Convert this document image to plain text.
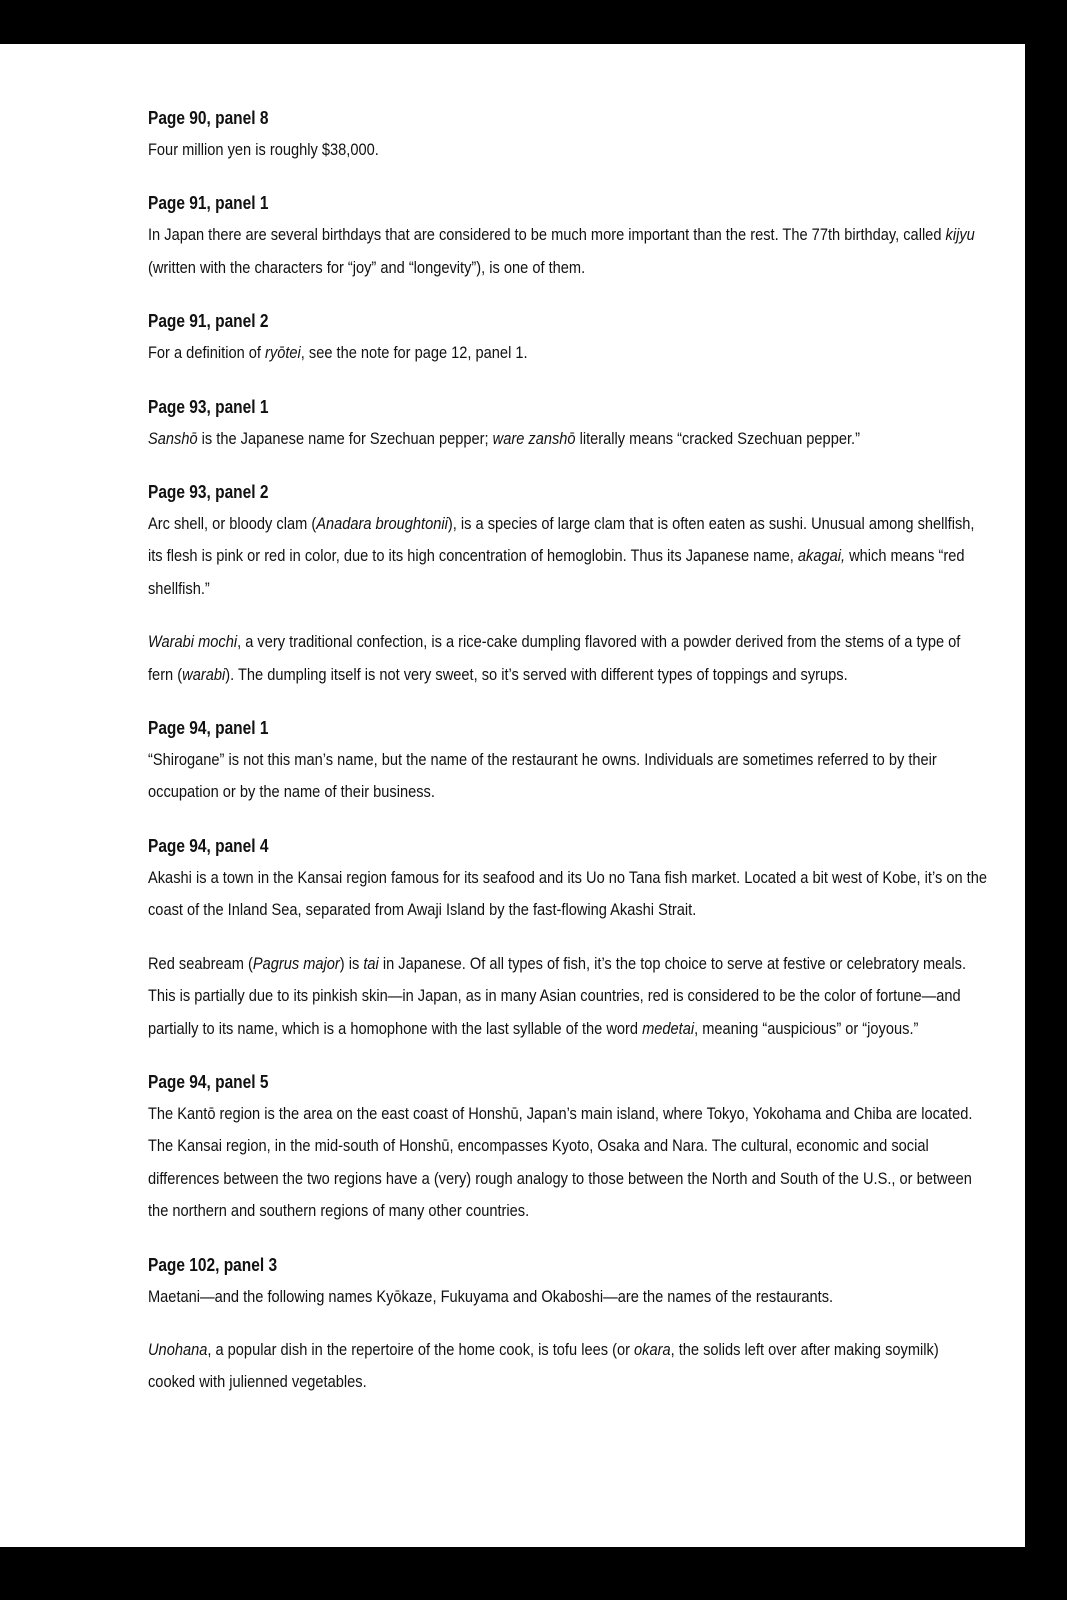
Page 90, panel 8

Four million yen is roughly $38,000.

Page 91, panel 1

In Japan there are several birthdays that are considered to be much more important than the rest. The 77th birthday, called kijyu (written with the characters for “joy” and “longevity”), is one of them.

Page 91, panel 2

For a definition of ryōtei, see the note for page 12, panel 1.

Page 93, panel 1

Sanshō is the Japanese name for Szechuan pepper; ware zanshō literally means “cracked Szechuan pepper.”

Page 93, panel 2

Arc shell, or bloody clam (Anadara broughtonii), is a species of large clam that is often eaten as sushi. Unusual among shellfish, its flesh is pink or red in color, due to its high concentration of hemoglobin. Thus its Japanese name, akagai, which means “red shellfish.”

Warabi mochi, a very traditional confection, is a rice-cake dumpling flavored with a powder derived from the stems of a type of fern (warabi). The dumpling itself is not very sweet, so it’s served with different types of toppings and syrups.

Page 94, panel 1

“Shirogane” is not this man’s name, but the name of the restaurant he owns. Individuals are sometimes referred to by their occupation or by the name of their business.

Page 94, panel 4

Akashi is a town in the Kansai region famous for its seafood and its Uo no Tana fish market. Located a bit west of Kobe, it’s on the coast of the Inland Sea, separated from Awaji Island by the fast-flowing Akashi Strait.

Red seabream (Pagrus major) is tai in Japanese. Of all types of fish, it’s the top choice to serve at festive or celebratory meals. This is partially due to its pinkish skin—in Japan, as in many Asian countries, red is considered to be the color of fortune—and partially to its name, which is a homophone with the last syllable of the word medetai, meaning “auspicious” or “joyous.”

Page 94, panel 5

The Kantō region is the area on the east coast of Honshū, Japan’s main island, where Tokyo, Yokohama and Chiba are located. The Kansai region, in the mid-south of Honshū, encompasses Kyoto, Osaka and Nara. The cultural, economic and social differences between the two regions have a (very) rough analogy to those between the North and South of the U.S., or between the northern and southern regions of many other countries.

Page 102, panel 3

Maetani—and the following names Kyōkaze, Fukuyama and Okaboshi—are the names of the restaurants.

Unohana, a popular dish in the repertoire of the home cook, is tofu lees (or okara, the solids left over after making soymilk) cooked with julienned vegetables.
